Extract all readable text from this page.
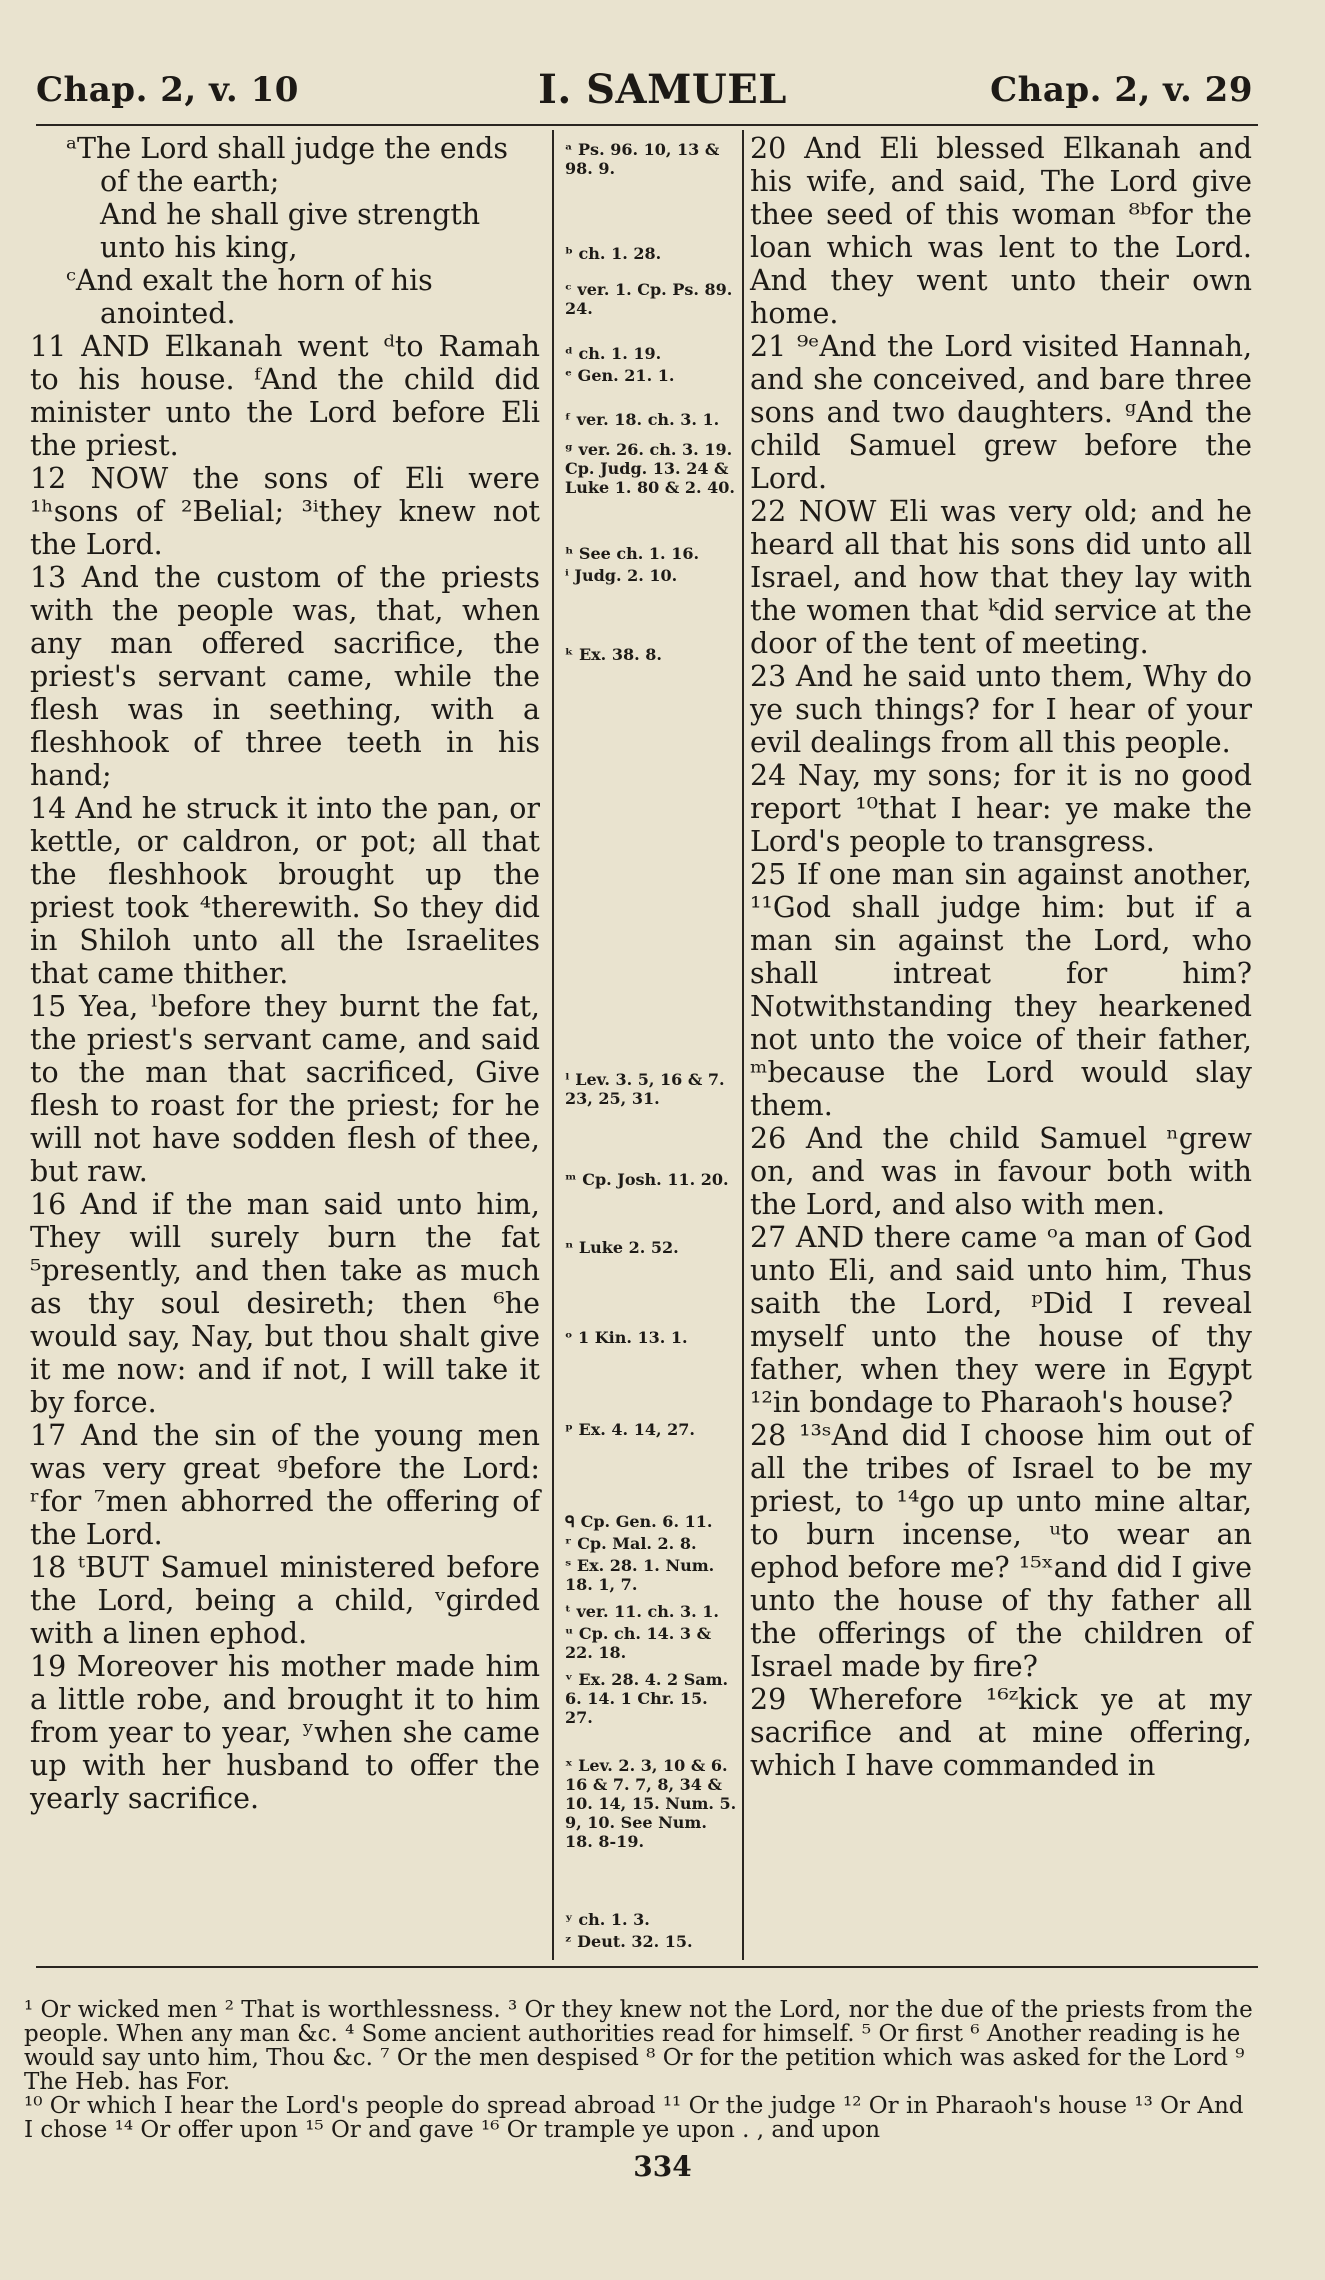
Chap. 2, v. 10	I. SAMUEL	Chap. 2, v. 29
ᵃThe Lord shall judge the ends of the earth;
And he shall give strength unto his king,
ᶜAnd exalt the horn of his anointed.

11 AND Elkanah went ᵈto Ramah to his house. ᶠAnd the child did minister unto the Lord before Eli the priest.

12 NOW the sons of Eli were ¹ʰsons of ²Belial; ³ⁱthey knew not the Lord.

13 And the custom of the priests with the people was, that, when any man offered sacrifice, the priest's servant came, while the flesh was in seething, with a fleshhook of three teeth in his hand;

14 And he struck it into the pan, or kettle, or caldron, or pot; all that the fleshhook brought up the priest took ⁴therewith. So they did in Shiloh unto all the Israelites that came thither.

15 Yea, ˡbefore they burnt the fat, the priest's servant came, and said to the man that sacrificed, Give flesh to roast for the priest; for he will not have sodden flesh of thee, but raw.

16 And if the man said unto him, They will surely burn the fat ⁵presently, and then take as much as thy soul desireth; then ⁶he would say, Nay, but thou shalt give it me now: and if not, I will take it by force.

17 And the sin of the young men was very great ᵍbefore the Lord: ʳfor ⁷men abhorred the offering of the Lord.

18 ᵗBUT Samuel ministered before the Lord, being a child, ᵛgirded with a linen ephod.

19 Moreover his mother made him a little robe, and brought it to him from year to year, ʸwhen she came up with her husband to offer the yearly sacrifice.

ᵃ Ps. 96. 10, 13 & 98. 9.
ᵇ ch. 1. 28.
ᶜ ver. 1. Cp. Ps. 89. 24.
ᵈ ch. 1. 19.
ᵉ Gen. 21. 1.
ᶠ ver. 18. ch. 3. 1.
ᵍ ver. 26. ch. 3. 19. Cp. Judg. 13. 24 & Luke 1. 80 & 2. 40.
ʰ See ch. 1. 16.
ⁱ Judg. 2. 10.
ᵏ Ex. 38. 8.
ˡ Lev. 3. 5, 16 & 7. 23, 25, 31.
ᵐ Cp. Josh. 11. 20.
ⁿ Luke 2. 52.
ᵒ 1 Kin. 13. 1.
ᵖ Ex. 4. 14, 27.
ᑫ Cp. Gen. 6. 11.
ʳ Cp. Mal. 2. 8.
ˢ Ex. 28. 1. Num. 18. 1, 7.
ᵗ ver. 11. ch. 3. 1.
ᵘ Cp. ch. 14. 3 & 22. 18.
ᵛ Ex. 28. 4. 2 Sam. 6. 14. 1 Chr. 15. 27.
ˣ Lev. 2. 3, 10 & 6. 16 & 7. 7, 8, 34 & 10. 14, 15. Num. 5. 9, 10. See Num. 18. 8-19.
ʸ ch. 1. 3.
ᶻ Deut. 32. 15.

20 And Eli blessed Elkanah and his wife, and said, The Lord give thee seed of this woman ⁸ᵇfor the loan which was lent to the Lord. And they went unto their own home.

21 ⁹ᵉAnd the Lord visited Hannah, and she conceived, and bare three sons and two daughters. ᵍAnd the child Samuel grew before the Lord.

22 NOW Eli was very old; and he heard all that his sons did unto all Israel, and how that they lay with the women that ᵏdid service at the door of the tent of meeting.

23 And he said unto them, Why do ye such things? for I hear of your evil dealings from all this people.

24 Nay, my sons; for it is no good report ¹⁰that I hear: ye make the Lord's people to transgress.

25 If one man sin against another, ¹¹God shall judge him: but if a man sin against the Lord, who shall intreat for him? Notwithstanding they hearkened not unto the voice of their father, ᵐbecause the Lord would slay them.

26 And the child Samuel ⁿgrew on, and was in favour both with the Lord, and also with men.

27 AND there came ᵒa man of God unto Eli, and said unto him, Thus saith the Lord, ᵖDid I reveal myself unto the house of thy father, when they were in Egypt ¹²in bondage to Pharaoh's house?

28 ¹³ˢAnd did I choose him out of all the tribes of Israel to be my priest, to ¹⁴go up unto mine altar, to burn incense, ᵘto wear an ephod before me? ¹⁵ˣand did I give unto the house of thy father all the offerings of the children of Israel made by fire?

29 Wherefore ¹⁶ᶻkick ye at my sacrifice and at mine offering, which I have commanded in

¹ Or wicked men ² That is worthlessness. ³ Or they knew not the Lord, nor the due of the priests from the people. When any man &c. ⁴ Some ancient authorities read for himself. ⁵ Or first ⁶ Another reading is he would say unto him, Thou &c. ⁷ Or the men despised ⁸ Or for the petition which was asked for the Lord ⁹ The Heb. has For.

¹⁰ Or which I hear the Lord's people do spread abroad ¹¹ Or the judge ¹² Or in Pharaoh's house ¹³ Or And I chose ¹⁴ Or offer upon ¹⁵ Or and gave ¹⁶ Or trample ye upon . , and upon

334
